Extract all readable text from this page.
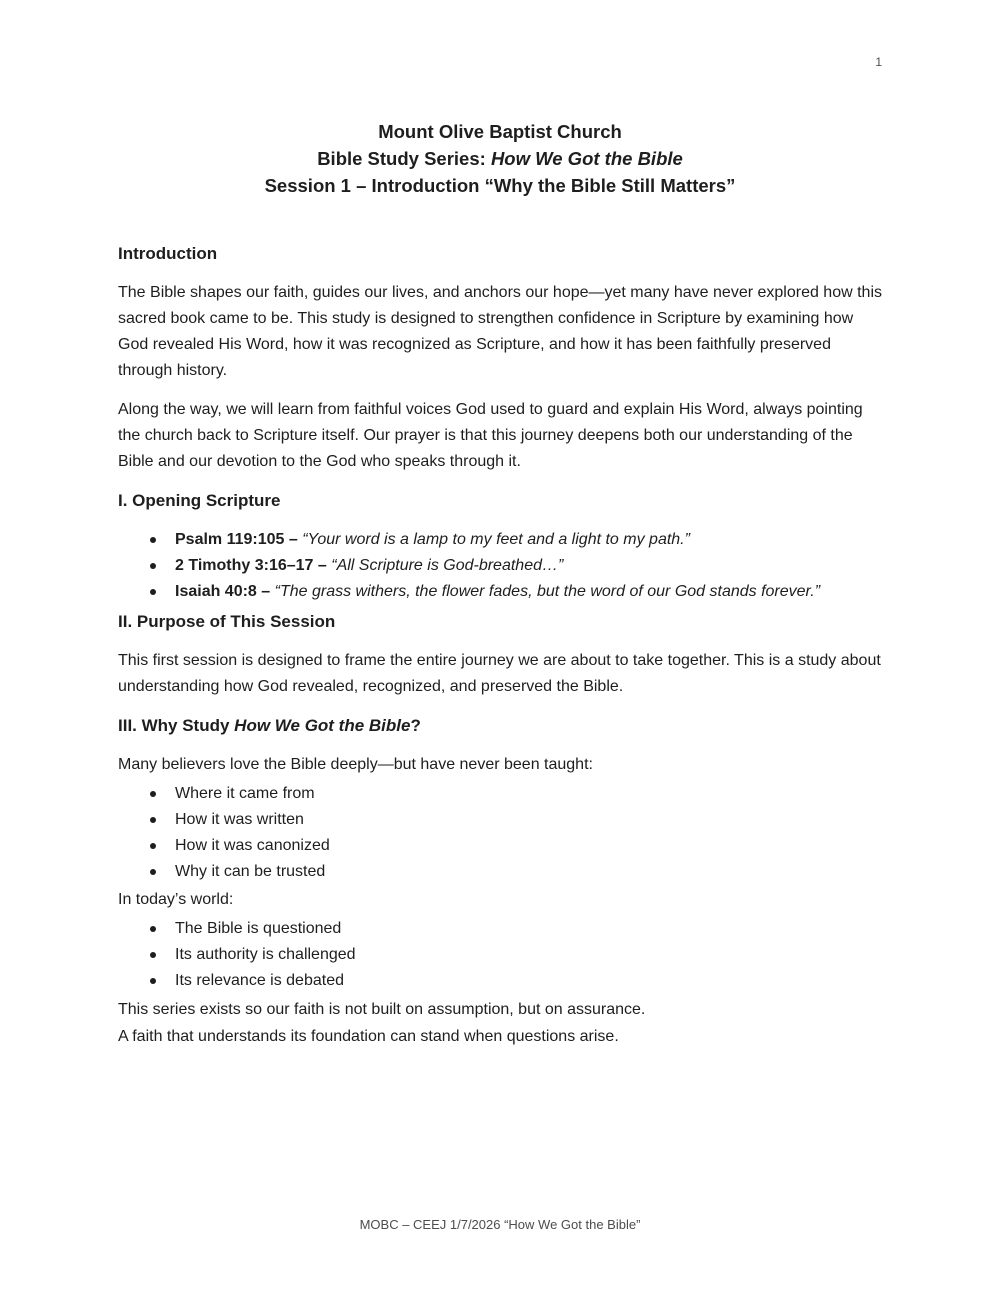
1
Mount Olive Baptist Church
Bible Study Series: How We Got the Bible
Session 1 – Introduction “Why the Bible Still Matters”
Introduction

The Bible shapes our faith, guides our lives, and anchors our hope—yet many have never explored how this sacred book came to be. This study is designed to strengthen confidence in Scripture by examining how God revealed His Word, how it was recognized as Scripture, and how it has been faithfully preserved through history.

Along the way, we will learn from faithful voices God used to guard and explain His Word, always pointing the church back to Scripture itself. Our prayer is that this journey deepens both our understanding of the Bible and our devotion to the God who speaks through it.

I. Opening Scripture
Psalm 119:105 – “Your word is a lamp to my feet and a light to my path.”
2 Timothy 3:16–17 – “All Scripture is God-breathed…”
Isaiah 40:8 – “The grass withers, the flower fades, but the word of our God stands forever.”
II. Purpose of This Session

This first session is designed to frame the entire journey we are about to take together. This is a study about understanding how God revealed, recognized, and preserved the Bible.

III. Why Study How We Got the Bible?

Many believers love the Bible deeply—but have never been taught:

Where it came from
How it was written
How it was canonized
Why it can be trusted

In today’s world:

The Bible is questioned
Its authority is challenged
Its relevance is debated
This series exists so our faith is not built on assumption, but on assurance.
A faith that understands its foundation can stand when questions arise.
MOBC – CEEJ 1/7/2026 “How We Got the Bible”
